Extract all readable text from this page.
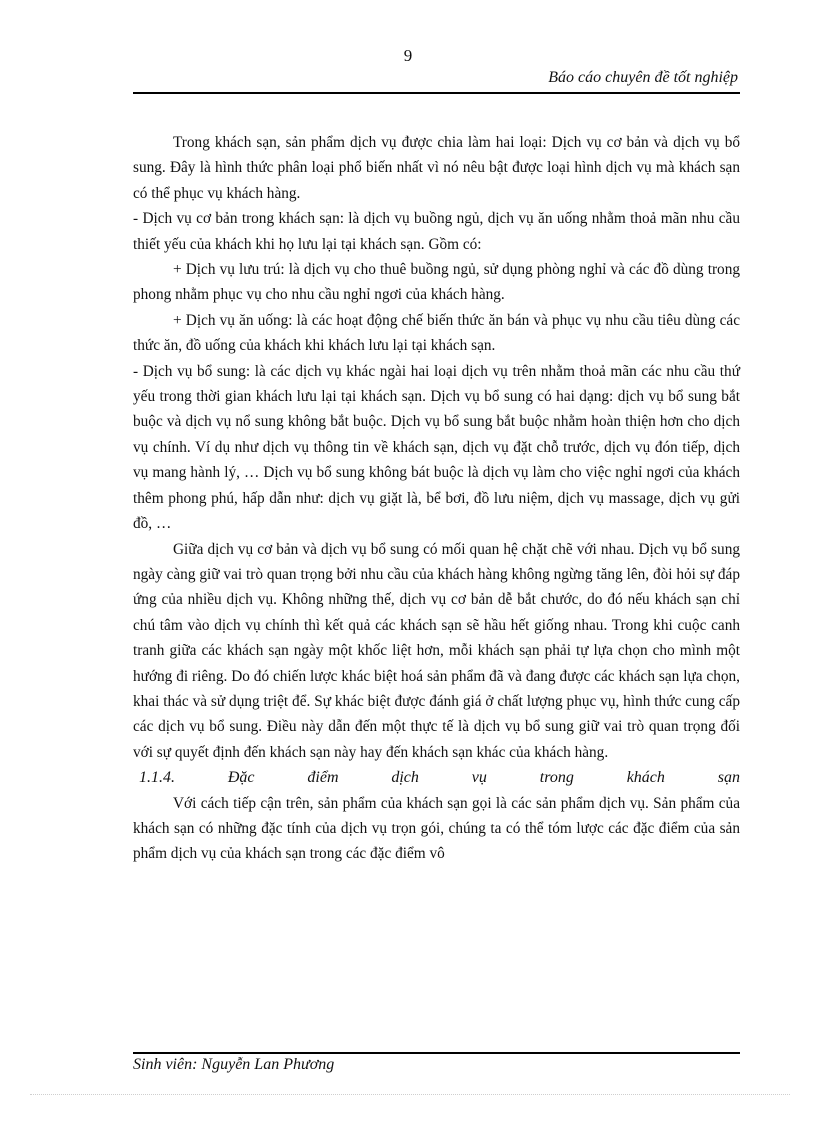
9
Báo cáo chuyên đề tốt nghiệp

Trong khách sạn, sản phẩm dịch vụ được chia làm hai loại: Dịch vụ cơ bản và dịch vụ bổ sung. Đây là hình thức phân loại phổ biến nhất vì nó nêu bật được loại hình dịch vụ mà khách sạn có thể phục vụ khách hàng.

- Dịch vụ cơ bản trong khách sạn: là dịch vụ buồng ngủ, dịch vụ ăn uống nhằm thoả mãn nhu cầu thiết yếu của khách khi họ lưu lại tại khách sạn. Gồm có:

+ Dịch vụ lưu trú: là dịch vụ cho thuê buồng ngủ, sử dụng phòng nghỉ và các đồ dùng trong phong nhằm phục vụ cho nhu cầu nghỉ ngơi của khách hàng.

+ Dịch vụ ăn uống: là các hoạt động chế biến thức ăn bán và phục vụ nhu cầu tiêu dùng các thức ăn, đồ uống của khách khi khách lưu lại tại khách sạn.

- Dịch vụ bổ sung: là các dịch vụ khác ngài hai loại dịch vụ trên nhằm thoả mãn các nhu cầu thứ yếu trong thời gian khách lưu lại tại khách sạn. Dịch vụ bổ sung có hai dạng: dịch vụ bổ sung bắt buộc và dịch vụ nổ sung không bắt buộc. Dịch vụ bổ sung bắt buộc nhằm hoàn thiện hơn cho dịch vụ chính. Ví dụ như dịch vụ thông tin về khách sạn, dịch vụ đặt chỗ trước, dịch vụ đón tiếp, dịch vụ mang hành lý, … Dịch vụ bổ sung không bát buộc là dịch vụ làm cho việc nghỉ ngơi của khách thêm phong phú, hấp dẫn như: dịch vụ giặt là, bể bơi, đồ lưu niệm, dịch vụ massage, dịch vụ gửi đồ, …

Giữa dịch vụ cơ bản và dịch vụ bổ sung có mối quan hệ chặt chẽ với nhau. Dịch vụ bổ sung ngày càng giữ vai trò quan trọng bởi nhu cầu của khách hàng không ngừng tăng lên, đòi hỏi sự đáp ứng của nhiều dịch vụ. Không những thế, dịch vụ cơ bản dễ bắt chước, do đó nếu khách sạn chỉ chú tâm vào dịch vụ chính thì kết quả các khách sạn sẽ hầu hết giống nhau. Trong khi cuộc canh tranh giữa các khách sạn ngày một khốc liệt hơn, mỗi khách sạn phải tự lựa chọn cho mình một hướng đi riêng. Do đó chiến lược khác biệt hoá sản phẩm đã và đang được các khách sạn lựa chọn, khai thác và sử dụng triệt để. Sự khác biệt được đánh giá ở chất lượng phục vụ, hình thức cung cấp các dịch vụ bổ sung. Điều này dẫn đến một thực tế là dịch vụ bổ sung giữ vai trò quan trọng đối với sự quyết định đến khách sạn này hay đến khách sạn khác của khách hàng.

1.1.4. Đặc điểm dịch vụ trong khách sạn

Với cách tiếp cận trên, sản phẩm của khách sạn gọi là các sản phẩm dịch vụ. Sản phẩm của khách sạn có những đặc tính của dịch vụ trọn gói, chúng ta có thể tóm lược các đặc điểm của sản phẩm dịch vụ của khách sạn trong các đặc điểm vô

Sinh viên: Nguyễn Lan Phương
